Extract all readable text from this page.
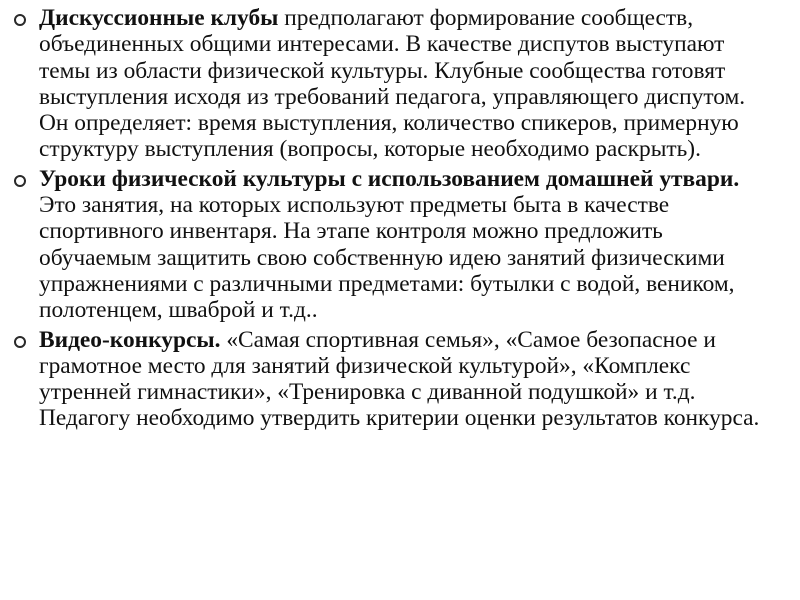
Дискуссионные клубы предполагают формирование сообществ, объединенных общими интересами. В качестве диспутов выступают темы из области физической культуры. Клубные сообщества готовят выступления исходя из требований педагога, управляющего диспутом. Он определяет: время выступления, количество спикеров, примерную структуру выступления (вопросы, которые необходимо раскрыть).
Уроки физической культуры с использованием домашней утвари. Это занятия, на которых используют предметы быта в качестве спортивного инвентаря. На этапе контроля можно предложить обучаемым защитить свою собственную идею занятий физическими упражнениями с различными предметами: бутылки с водой, веником, полотенцем, шваброй и т.д..
Видео-конкурсы. «Самая спортивная семья», «Самое безопасное и грамотное место для занятий физической культурой», «Комплекс утренней гимнастики», «Тренировка с диванной подушкой» и т.д. Педагогу необходимо утвердить критерии оценки результатов конкурса.
